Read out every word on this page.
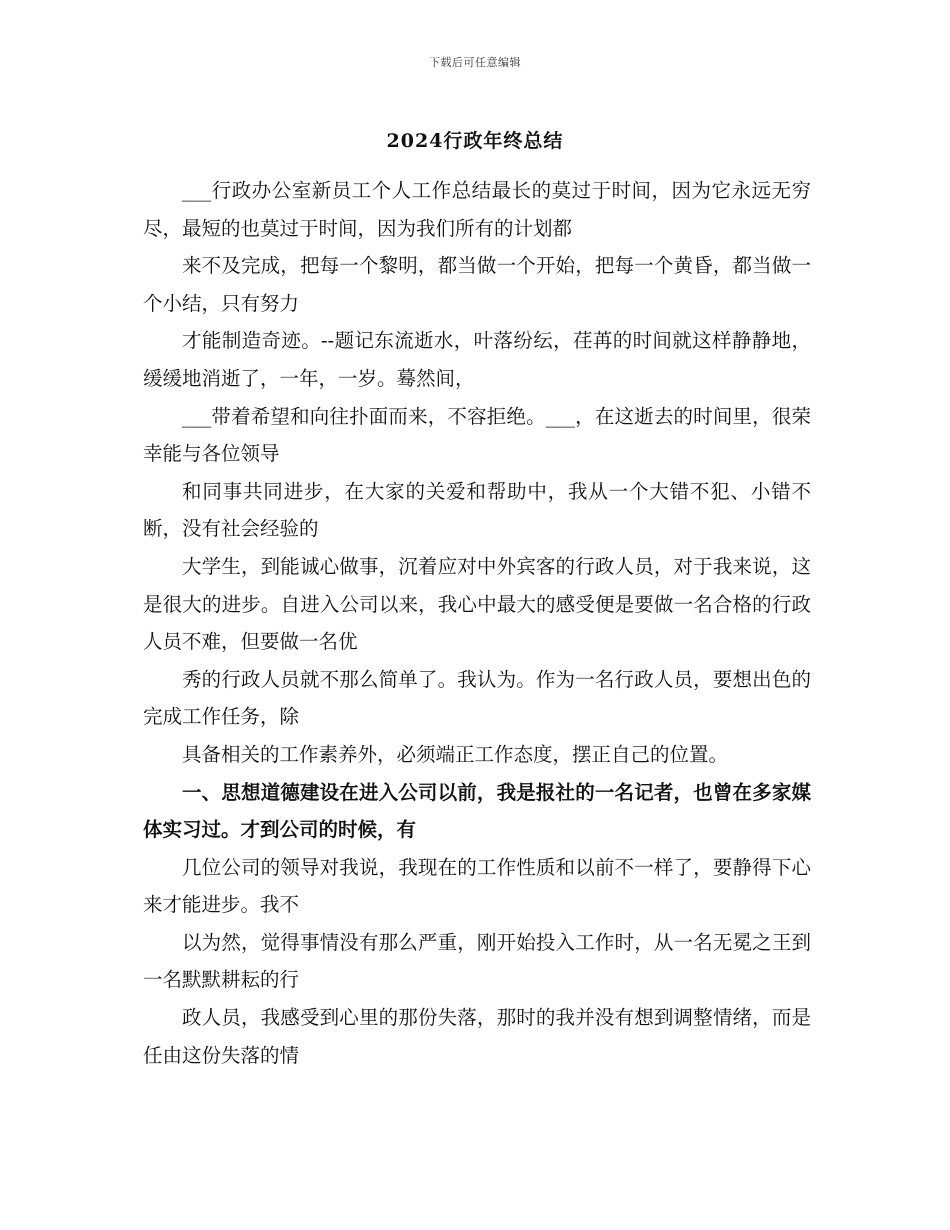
下载后可任意编辑
2024行政年终总结

___行政办公室新员工个人工作总结最长的莫过于时间，因为它永远无穷尽，最短的也莫过于时间，因为我们所有的计划都

来不及完成，把每一个黎明，都当做一个开始，把每一个黄昏，都当做一个小结，只有努力

才能制造奇迹。--题记东流逝水，叶落纷纭，荏苒的时间就这样静静地，缓缓地消逝了，一年，一岁。蓦然间，

___带着希望和向往扑面而来，不容拒绝。___，在这逝去的时间里，很荣幸能与各位领导

和同事共同进步，在大家的关爱和帮助中，我从一个大错不犯、小错不断，没有社会经验的

大学生，到能诚心做事，沉着应对中外宾客的行政人员，对于我来说，这是很大的进步。自进入公司以来，我心中最大的感受便是要做一名合格的行政人员不难，但要做一名优

秀的行政人员就不那么简单了。我认为。作为一名行政人员，要想出色的完成工作任务，除

具备相关的工作素养外，必须端正工作态度，摆正自己的位置。

一、思想道德建设在进入公司以前，我是报社的一名记者，也曾在多家媒体实习过。才到公司的时候，有

几位公司的领导对我说，我现在的工作性质和以前不一样了，要静得下心来才能进步。我不

以为然，觉得事情没有那么严重，刚开始投入工作时，从一名无冕之王到一名默默耕耘的行

政人员，我感受到心里的那份失落，那时的我并没有想到调整情绪，而是任由这份失落的情
